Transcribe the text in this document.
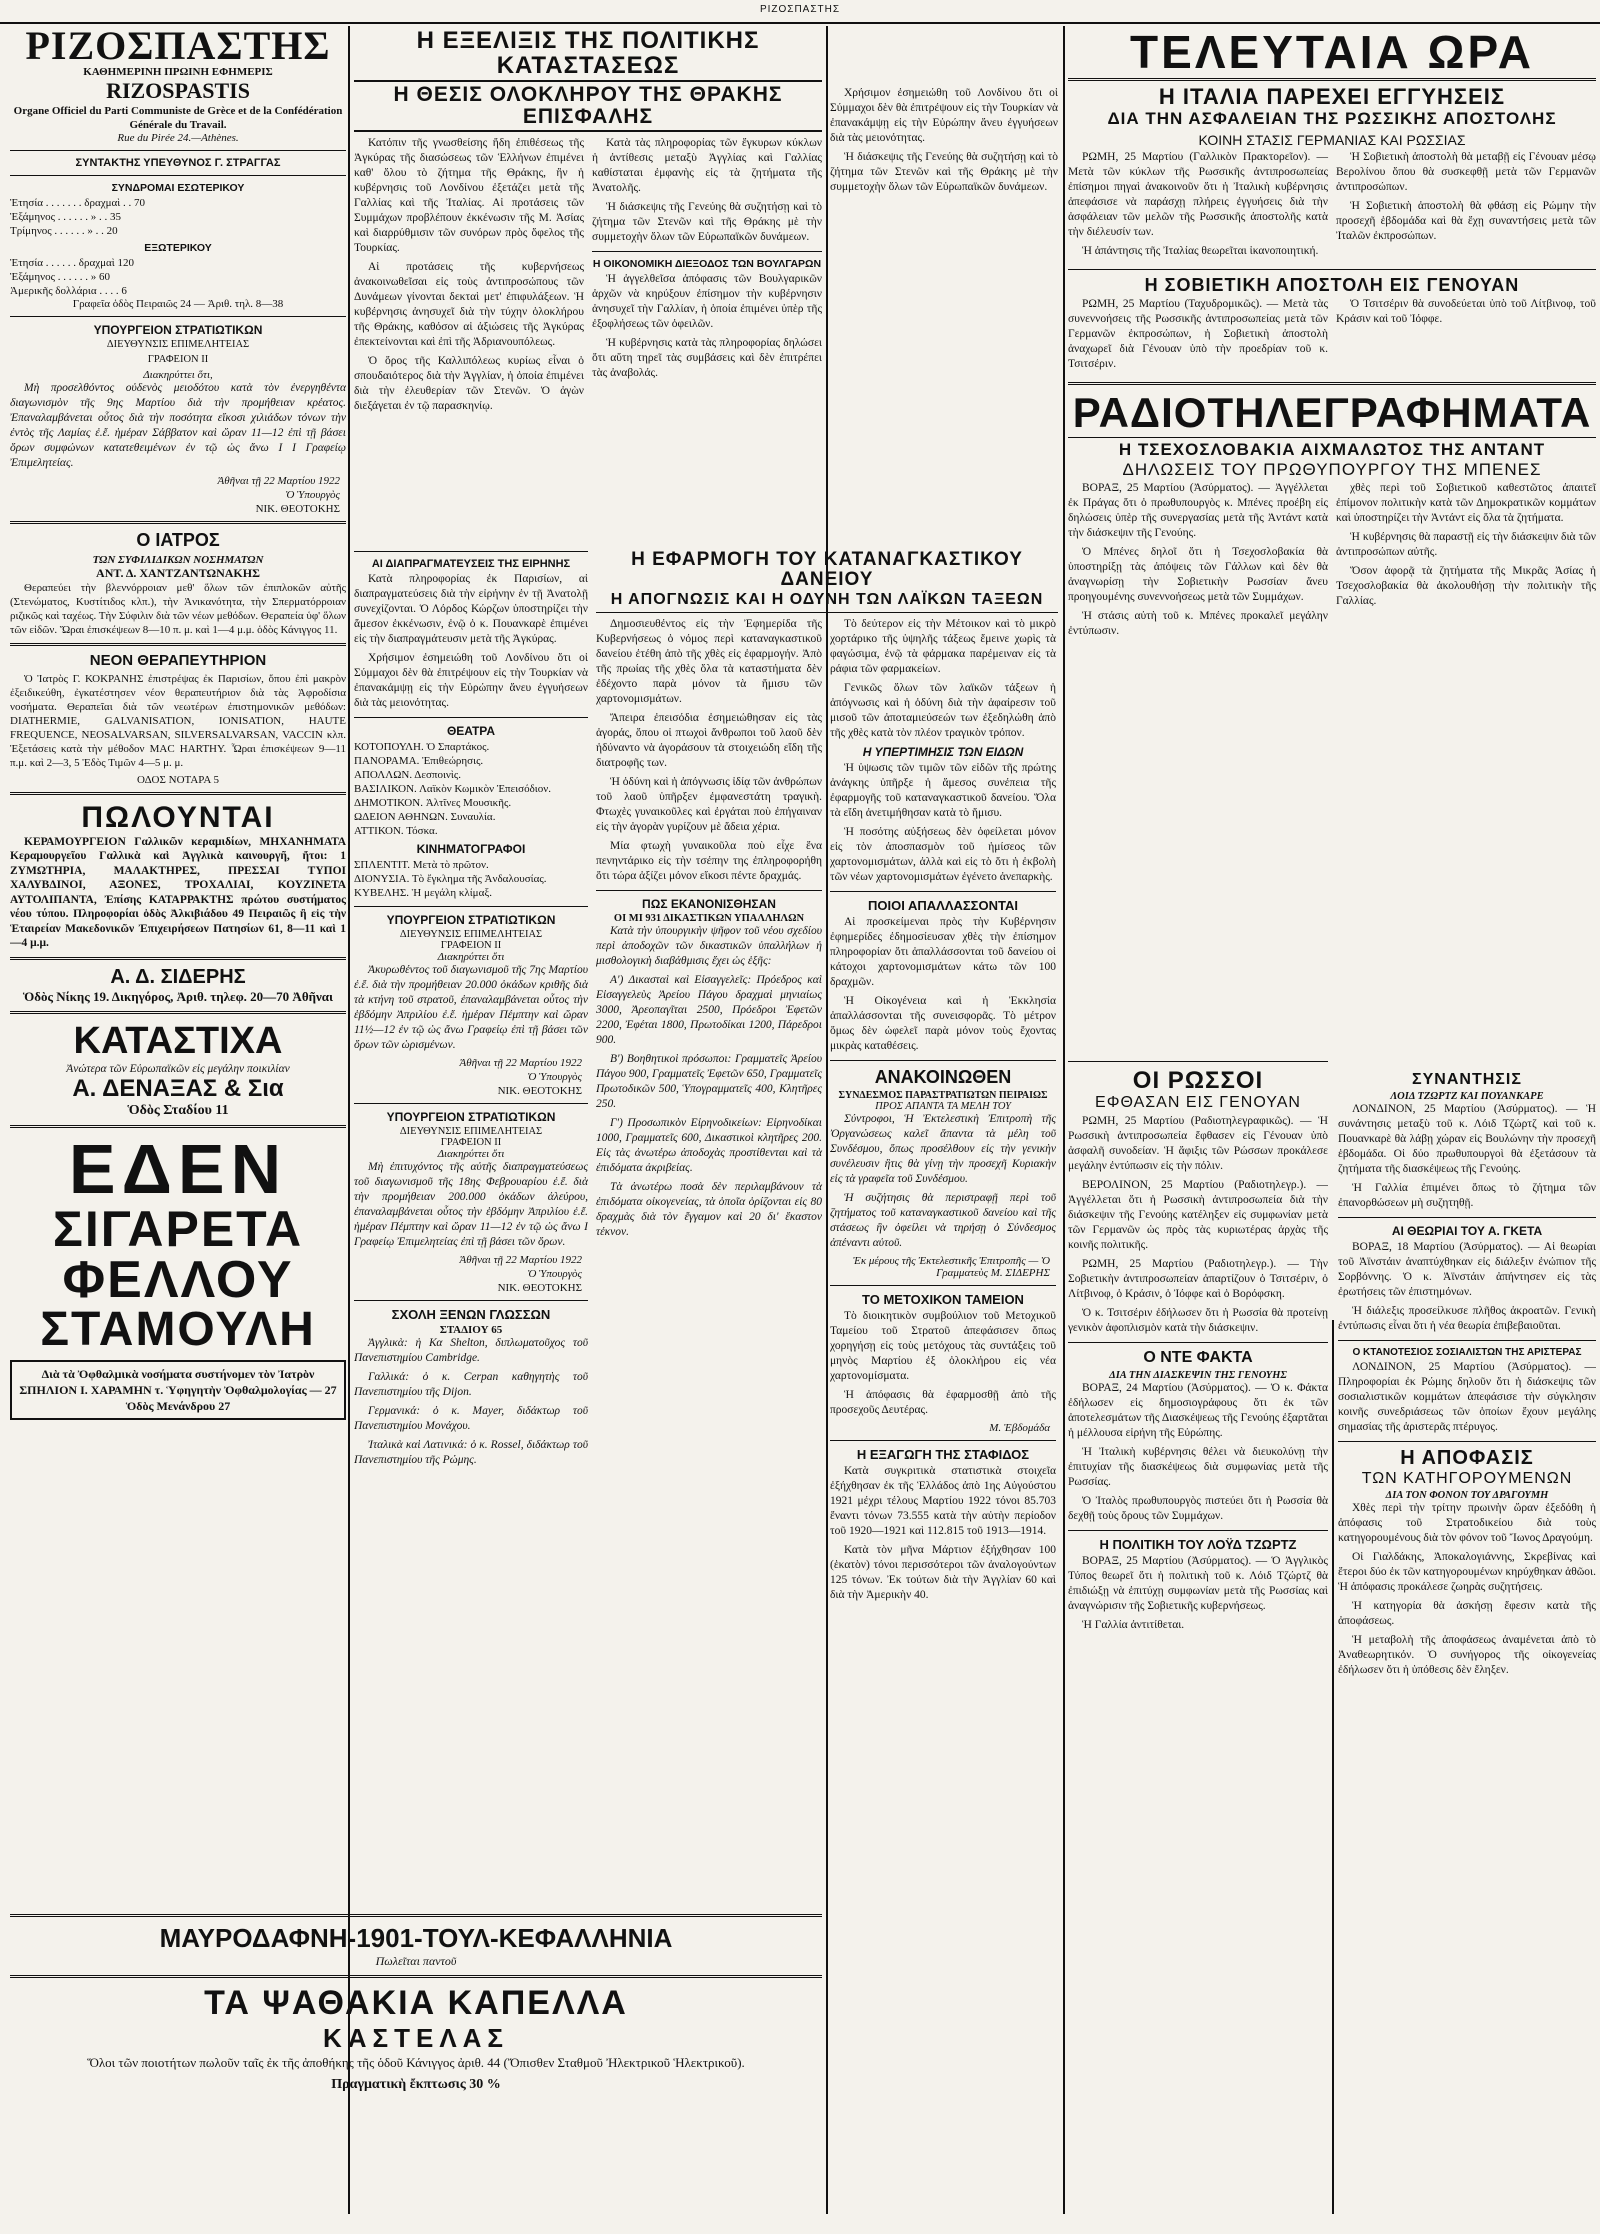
ΡΙΖΟΣΠΑΣΤΗΣ
ΡΙΖΟΣΠΑΣΤΗΣ
ΚΑΘΗΜΕΡΙΝΗ ΠΡΩΙΝΗ ΕΦΗΜΕΡΙΣ
RIZOSPASTIS
Organe Officiel du Parti Communiste de Grèce et de la Confédération Générale du Travail.
Rue du Pirée 24.—Athènes.
ΣΥΝΤΑΚΤΗΣ ΥΠΕΥΘΥΝΟΣ Γ. ΣΤΡΑΓΓΑΣ
ΣΥΝΔΡΟΜΑΙ ΕΣΩΤΕΡΙΚΟΥ
Ἐτησία . . . . . . . δραχμαὶ . . 70
Ἑξάμηνος . . . . . . » . . 35
Τρίμηνος . . . . . . » . . 20
ΕΞΩΤΕΡΙΚΟΥ
Ἐτησία . . . . . . δραχμαὶ 120
Ἑξάμηνος . . . . . . » 60
Ἀμερικῆς δολλάρια . . . . 6
Γραφεῖα ὁδὸς Πειραιῶς 24 — Ἀριθ. τηλ. 8—38
ΥΠΟΥΡΓΕΙΟΝ ΣΤΡΑΤΙΩΤΙΚΩΝ
ΔΙΕΥΘΥΝΣΙΣ ΕΠΙΜΕΛΗΤΕΙΑΣ
ΓΡΑΦΕΙΟΝ ΙΙ
Διακηρύττει ὅτι,

Μὴ προσελθόντος οὐδενὸς μειοδότου κατὰ τὸν ἐνεργηθέντα διαγωνισμὸν τῆς 9ης Μαρτίου διὰ τὴν προμήθειαν κρέατος. Ἐπαναλαμβάνεται οὗτος διὰ τὴν ποσότητα εἴκοσι χιλιάδων τόνων τὴν ἐντὸς τῆς Λαμίας ἐ.ἔ. ἡμέραν Σάββατον καὶ ὥραν 11—12 ἐπὶ τῇ βάσει ὅρων συμφώνων κατατεθειμένων ἐν τῷ ὡς ἄνω Ι Ι Γραφείῳ Ἐπιμελητείας.

Ἀθῆναι τῇ 22 Μαρτίου 1922
Ὁ Ὑπουργὸς
ΝΙΚ. ΘΕΟΤΟΚΗΣ
Ο ΙΑΤΡΟΣ
ΤΩΝ ΣΥΦΙΛΙΔΙΚΩΝ ΝΟΣΗΜΑΤΩΝ
ΑΝΤ. Δ. ΧΑΝΤΖΑΝΤΩΝΑΚΗΣ

Θεραπεύει τὴν βλεννόρροιαν μεθ' ὅλων τῶν ἐπιπλοκῶν αὐτῆς (Στενώματος, Κυστίτιδος κλπ.), τὴν Ἀνικανότητα, τὴν Σπερματόρροιαν ριζικῶς καὶ ταχέως. Τὴν Σύφιλιν διὰ τῶν νέων μεθόδων. Θεραπεία ὑφ' ὅλων τῶν εἰδῶν. Ὥραι ἐπισκέψεων 8—10 π. μ. καὶ 1—4 μ.μ. ὁδὸς Κάνιγγος 11.

ΝΕΟΝ ΘΕΡΑΠΕΥΤΗΡΙΟΝ

Ὁ Ἰατρὸς Γ. ΚΟΚΡΑΝΗΣ ἐπιστρέψας ἐκ Παρισίων, ὅπου ἐπὶ μακρὸν ἐξειδικεύθη, ἐγκατέστησεν νέον θεραπευτήριον διὰ τὰς Ἀφροδίσια νοσήματα. Θεραπεῖαι διὰ τῶν νεωτέρων ἐπιστημονικῶν μεθόδων: DIATHERMIE, GALVANISATION, IONISATION, HAUTE FREQUENCE, NEOSALVARSAN, SILVERSALVARSAN, VACCIN κλπ. Ἐξετάσεις κατὰ τὴν μέθοδον MAC HARTHY. Ὧραι ἐπισκέψεων 9—11 π.μ. καὶ 2—3, 5 Ἐδὸς Τιμῶν 4—5 μ. μ.

ΟΔΟΣ ΝΟΤΑΡΑ 5
ΠΩΛΟΥΝΤΑΙ

ΚΕΡΑΜΟΥΡΓΕΙΟΝ Γαλλικῶν κεραμιδίων, ΜΗΧΑΝΗΜΑΤΑ Κεραμουργεῖου Γαλλικὰ καὶ Ἀγγλικὰ καινουργῆ, ἤτοι: 1 ΖΥΜΩΤΗΡΙΑ, ΜΑΛΑΚΤΗΡΕΣ, ΠΡΕΣΣΑΙ ΤΥΠΟΙ ΧΑΛΥΒΔΙΝΟΙ, ΑΞΟΝΕΣ, ΤΡΟΧΑΛΙΑΙ, ΚΟΥΖΙΝΕΤΑ ΑΥΤΟΛΙΠΑΝΤΑ, Ἐπίσης ΚΑΤΑΡΡΑΚΤΗΣ πρώτου συστήματος νέου τύπου. Πληροφορίαι ὁδὸς Ἀλκιβιάδου 49 Πειραιῶς ἢ εἰς τὴν Ἑταιρείαν Μακεδονικῶν Ἐπιχειρήσεων Πατησίων 61, 8—11 καὶ 1—4 μ.μ.

Α. Δ. ΣΙΔΕΡΗΣ
Ὁδὸς Νίκης 19. Δικηγόρος, Ἀριθ. τηλεφ. 20—70 Ἀθῆναι
ΚΑΤΑΣΤΙΧΑ
Ἀνώτερα τῶν Εὐρωπαϊκῶν εἰς μεγάλην ποικιλίαν
Α. ΔΕΝΑΞΑΣ & Σια
Ὁδὸς Σταδίου 11
ΕΔΕΝ
ΣΙΓΑΡΕΤΑ
ΦΕΛΛΟΥ
ΣΤΑΜΟΥΛΗ
Διὰ τὰ Ὀφθαλμικὰ νοσήματα συστήνομεν τὸν Ἰατρὸν ΣΠΗΛΙΟΝ Ι. ΧΑΡΑΜΗΝ τ. Ὑφηγητὴν Ὀφθαλμολογίας — 27 Ὁδὸς Μενάνδρου 27
ΜΑΥΡΟΔΑΦΝΗ-1901-ΤΟΥΛ-ΚΕΦΑΛΛΗΝΙΑ
Πωλεῖται παντοῦ
ΤΑ ΨΑΘΑΚΙΑ ΚΑΠΕΛΛΑ
ΚΑΣΤΕΛΑΣ
Ὅλοι τῶν ποιοτήτων πωλοῦν ταῖς ἐκ τῆς ἀποθήκης τῆς ὁδοῦ Κάνιγγος ἀριθ. 44 (Ὄπισθεν Σταθμοῦ Ἠλεκτρικοῦ Ἡλεκτρικοῦ).
Πραγματικὴ ἔκπτωσις 30 %
Η ΕΞΕΛΙΞΙΣ ΤΗΣ ΠΟΛΙΤΙΚΗΣ ΚΑΤΑΣΤΑΣΕΩΣ
Η ΘΕΣΙΣ ΟΛΟΚΛΗΡΟΥ ΤΗΣ ΘΡΑΚΗΣ ΕΠΙΣΦΑΛΗΣ

Κατόπιν τῆς γνωσθείσης ἤδη ἐπιθέσεως τῆς Ἀγκύρας τῆς διασώσεως τῶν Ἑλλήνων ἐπιμένει καθ' ὅλου τὸ ζήτημα τῆς Θράκης, ἣν ἡ κυβέρνησις τοῦ Λονδίνου ἐξετάζει μετὰ τῆς Γαλλίας καὶ τῆς Ἰταλίας. Αἱ προτάσεις τῶν Συμμάχων προβλέπουν ἐκκένωσιν τῆς Μ. Ἀσίας καὶ διαρρύθμισιν τῶν συνόρων πρὸς ὄφελος τῆς Τουρκίας.

Αἱ προτάσεις τῆς κυβερνήσεως ἀνακοινωθεῖσαι εἰς τοὺς ἀντιπροσώπους τῶν Δυνάμεων γίνονται δεκταὶ μετ' ἐπιφυλάξεων. Ἡ κυβέρνησις ἀνησυχεῖ διὰ τὴν τύχην ὁλοκλήρου τῆς Θράκης, καθόσον αἱ ἀξιώσεις τῆς Ἀγκύρας ἐπεκτείνονται καὶ ἐπὶ τῆς Ἀδριανουπόλεως.

Ὁ ὅρος τῆς Καλλιπόλεως κυρίως εἶναι ὁ σπουδαιότερος διὰ τὴν Ἀγγλίαν, ἡ ὁποία ἐπιμένει διὰ τὴν ἐλευθερίαν τῶν Στενῶν. Ὁ ἀγὼν διεξάγεται ἐν τῷ παρασκηνίῳ.

Κατὰ τὰς πληροφορίας τῶν ἔγκυρων κύκλων ἡ ἀντίθεσις μεταξὺ Ἀγγλίας καὶ Γαλλίας καθίσταται ἐμφανὴς εἰς τὰ ζητήματα τῆς Ἀνατολῆς.

Ἡ διάσκεψις τῆς Γενεύης θὰ συζητήσῃ καὶ τὸ ζήτημα τῶν Στενῶν καὶ τῆς Θράκης μὲ τὴν συμμετοχὴν ὅλων τῶν Εὐρωπαϊκῶν δυνάμεων.

Η ΟΙΚΟΝΟΜΙΚΗ ΔΙΕΞΟΔΟΣ ΤΩΝ ΒΟΥΛΓΑΡΩΝ

Ἡ ἀγγελθεῖσα ἀπόφασις τῶν Βουλγαρικῶν ἀρχῶν νὰ κηρύξουν ἐπίσημον τὴν κυβέρνησιν ἀνησυχεῖ τὴν Γαλλίαν, ἡ ὁποία ἐπιμένει ὑπὲρ τῆς ἐξοφλήσεως τῶν ὀφειλῶν.

Ἡ κυβέρνησις κατὰ τὰς πληροφορίας δηλώσει ὅτι αὕτη τηρεῖ τὰς συμβάσεις καὶ δὲν ἐπιτρέπει τὰς ἀναβολάς.

Χρήσιμον ἐσημειώθη τοῦ Λονδίνου ὅτι οἱ Σύμμαχοι δὲν θὰ ἐπιτρέψουν εἰς τὴν Τουρκίαν νὰ ἐπανακάμψῃ εἰς τὴν Εὐρώπην ἄνευ ἐγγυήσεων διὰ τὰς μειονότητας.

Ἡ διάσκεψις τῆς Γενεύης θὰ συζητήσῃ καὶ τὸ ζήτημα τῶν Στενῶν καὶ τῆς Θράκης μὲ τὴν συμμετοχὴν ὅλων τῶν Εὐρωπαϊκῶν δυνάμεων.

ΑΙ ΔΙΑΠΡΑΓΜΑΤΕΥΣΕΙΣ ΤΗΣ ΕΙΡΗΝΗΣ

Κατὰ πληροφορίας ἐκ Παρισίων, αἱ διαπραγματεύσεις διὰ τὴν εἰρήνην ἐν τῇ Ἀνατολῇ συνεχίζονται. Ὁ Λόρδος Κώρζων ὑποστηρίζει τὴν ἄμεσον ἐκκένωσιν, ἐνῷ ὁ κ. Πουανκαρὲ ἐπιμένει εἰς τὴν διαπραγμάτευσιν μετὰ τῆς Ἀγκύρας.

Χρήσιμον ἐσημειώθη τοῦ Λονδίνου ὅτι οἱ Σύμμαχοι δὲν θὰ ἐπιτρέψουν εἰς τὴν Τουρκίαν νὰ ἐπανακάμψῃ εἰς τὴν Εὐρώπην ἄνευ ἐγγυήσεων διὰ τὰς μειονότητας.

ΘΕΑΤΡΑ
ΚΟΤΟΠΟΥΛΗ. Ὁ Σπαρτάκος.
ΠΑΝΟΡΑΜΑ. Ἐπιθεώρησις.
ΑΠΟΛΛΩΝ. Δεσποινὶς.
ΒΑΣΙΛΙΚΟΝ. Λαϊκὸν Κωμικὸν Ἐπεισόδιον.
ΔΗΜΟΤΙΚΟΝ. Ἀλτῖνες Μουσικῆς.
ΩΔΕΙΟΝ ΑΘΗΝΩΝ. Συναυλία.
ΑΤΤΙΚΟΝ. Τόσκα.
ΚΙΝΗΜΑΤΟΓΡΑΦΟΙ
ΣΠΛΕΝΤΙΤ. Μετὰ τὸ πρῶτον.
ΔΙΟΝΥΣΙΑ. Τὸ ἔγκλημα τῆς Ἀνδαλουσίας.
ΚΥΒΕΛΗΣ. Ἡ μεγάλη κλίμαξ.
ΥΠΟΥΡΓΕΙΟΝ ΣΤΡΑΤΙΩΤΙΚΩΝ
ΔΙΕΥΘΥΝΣΙΣ ΕΠΙΜΕΛΗΤΕΙΑΣ
ΓΡΑΦΕΙΟΝ ΙΙ
Διακηρύττει ὅτι

Ἀκυρωθέντος τοῦ διαγωνισμοῦ τῆς 7ης Μαρτίου ἐ.ἔ. διὰ τὴν προμήθειαν 20.000 ὀκάδων κριθῆς διὰ τὰ κτήνη τοῦ στρατοῦ, ἐπαναλαμβάνεται οὗτος τὴν ἑβδόμην Ἀπριλίου ἐ.ἔ. ἡμέραν Πέμπτην καὶ ὥραν 11½—12 ἐν τῷ ὡς ἄνω Γραφείῳ ἐπὶ τῇ βάσει τῶν ὅρων τῶν ὡρισμένων.

Ἀθῆναι τῇ 22 Μαρτίου 1922
Ὁ Ὑπουργὸς
ΝΙΚ. ΘΕΟΤΟΚΗΣ
ΥΠΟΥΡΓΕΙΟΝ ΣΤΡΑΤΙΩΤΙΚΩΝ
ΔΙΕΥΘΥΝΣΙΣ ΕΠΙΜΕΛΗΤΕΙΑΣ
ΓΡΑΦΕΙΟΝ ΙΙ
Διακηρύττει ὅτι

Μὴ ἐπιτυχόντος τῆς αὐτῆς διαπραγματεύσεως τοῦ διαγωνισμοῦ τῆς 18ης Φεβρουαρίου ἐ.ἔ. διὰ τὴν προμήθειαν 200.000 ὀκάδων ἀλεύρου, ἐπαναλαμβάνεται οὗτος τὴν ἑβδόμην Ἀπριλίου ἐ.ἔ. ἡμέραν Πέμπτην καὶ ὥραν 11—12 ἐν τῷ ὡς ἄνω Ι Γραφείῳ Ἐπιμελητείας ἐπὶ τῇ βάσει τῶν ὅρων.

Ἀθῆναι τῇ 22 Μαρτίου 1922
Ὁ Ὑπουργὸς
ΝΙΚ. ΘΕΟΤΟΚΗΣ
ΣΧΟΛΗ ΞΕΝΩΝ ΓΛΩΣΣΩΝ
ΣΤΑΔΙΟΥ 65

Ἀγγλικὰ: ἡ Κα Shelton, διπλωματοῦχος τοῦ Πανεπιστημίου Cambridge.

Γαλλικά: ὁ κ. Cerpan καθηγητὴς τοῦ Πανεπιστημίου τῆς Dijon.

Γερμανικά: ὁ κ. Mayer, διδάκτωρ τοῦ Πανεπιστημίου Μονάχου.

Ἰταλικὰ καὶ Λατινικά: ὁ κ. Rossel, διδάκτωρ τοῦ Πανεπιστημίου τῆς Ρώμης.

Η ΕΦΑΡΜΟΓΗ ΤΟΥ ΚΑΤΑΝΑΓΚΑΣΤΙΚΟΥ ΔΑΝΕΙΟΥ
Η ΑΠΟΓΝΩΣΙΣ ΚΑΙ Η ΟΔΥΝΗ ΤΩΝ ΛΑΪΚΩΝ ΤΑΞΕΩΝ

Δημοσιευθέντος εἰς τὴν Ἐφημερίδα τῆς Κυβερνήσεως ὁ νόμος περὶ καταναγκαστικοῦ δανείου ἐτέθη ἀπὸ τῆς χθὲς εἰς ἐφαρμογήν. Ἀπὸ τῆς πρωίας τῆς χθὲς ὅλα τὰ καταστήματα δὲν ἐδέχοντο παρὰ μόνον τὰ ἥμισυ τῶν χαρτονομισμάτων.

Ἄπειρα ἐπεισόδια ἐσημειώθησαν εἰς τὰς ἀγοράς, ὅπου οἱ πτωχοὶ ἄνθρωποι τοῦ λαοῦ δὲν ἠδύναντο νὰ ἀγοράσουν τὰ στοιχειώδη εἴδη τῆς διατροφῆς των.

Ἡ ὀδύνη καὶ ἡ ἀπόγνωσις ἰδίᾳ τῶν ἀνθρώπων τοῦ λαοῦ ὑπῆρξεν ἐμφανεστάτη τραγικὴ. Φτωχὲς γυναικοῦλες καὶ ἐργάται ποὺ ἐπήγαιναν εἰς τὴν ἀγορὰν γυρίζουν μὲ ἄδεια χέρια.

Μία φτωχὴ γυναικοῦλα ποὺ εἶχε ἕνα πενηντάρικο εἰς τὴν τσέπην της ἐπληροφορήθη ὅτι τώρα ἀξίζει μόνον εἴκοσι πέντε δραχμάς.

ΠΩΣ ΕΚΑΝΟΝΙΣΘΗΣΑΝ
ΟΙ ΜΙ 931 ΔΙΚΑΣΤΙΚΩΝ ΥΠΑΛΛΗΛΩΝ

Κατὰ τὴν ὑπουργικὴν ψῆφον τοῦ νέου σχεδίου περὶ ἀποδοχῶν τῶν δικαστικῶν ὑπαλλήλων ἡ μισθολογικὴ διαβάθμισις ἔχει ὡς ἑξῆς:

Α') Δικασταὶ καὶ Εἰσαγγελεῖς: Πρόεδρος καὶ Εἰσαγγελεὺς Ἀρείου Πάγου δραχμαὶ μηνιαίως 3000, Ἀρεοπαγῖται 2500, Πρόεδροι Ἐφετῶν 2200, Ἐφέται 1800, Πρωτοδίκαι 1200, Πάρεδροι 900.

Β') Βοηθητικοὶ πρόσωποι: Γραμματεῖς Ἀρείου Πάγου 900, Γραμματεῖς Ἐφετῶν 650, Γραμματεῖς Πρωτοδικῶν 500, Ὑπογραμματεῖς 400, Κλητῆρες 250.

Γ') Προσωπικὸν Εἰρηνοδικείων: Εἰρηνοδίκαι 1000, Γραμματεῖς 600, Δικαστικοὶ κλητῆρες 200. Εἰς τὰς ἀνωτέρω ἀποδοχὰς προστίθενται καὶ τὰ ἐπιδόματα ἀκριβείας.

Τὰ ἀνωτέρω ποσὰ δὲν περιλαμβάνουν τὰ ἐπιδόματα οἰκογενείας, τὰ ὁποῖα ὁρίζονται εἰς 80 δραχμὰς διὰ τὸν ἔγγαμον καὶ 20 δι' ἕκαστον τέκνον.

Τὸ δεύτερον εἰς τὴν Μέτοικον καὶ τὸ μικρὸ χορτάρικο τῆς ὑψηλῆς τάξεως ἔμεινε χωρὶς τὰ φαγώσιμα, ἐνῷ τὰ φάρμακα παρέμειναν εἰς τὰ ράφια τῶν φαρμακείων.

Γενικῶς ὅλων τῶν λαϊκῶν τάξεων ἡ ἀπόγνωσις καὶ ἡ ὀδύνη διὰ τὴν ἀφαίρεσιν τοῦ μισοῦ τῶν ἀποταμιεύσεών των ἐξεδηλώθη ἀπὸ τῆς χθὲς κατὰ τὸν πλέον τραγικὸν τρόπον.

Η ΥΠΕΡΤΙΜΗΣΙΣ ΤΩΝ ΕΙΔΩΝ

Ἡ ὑψωσις τῶν τιμῶν τῶν εἰδῶν τῆς πρώτης ἀνάγκης ὑπῆρξε ἡ ἄμεσος συνέπεια τῆς ἐφαρμογῆς τοῦ καταναγκαστικοῦ δανείου. Ὅλα τὰ εἴδη ἀνετιμήθησαν κατὰ τὸ ἥμισυ.

Ἡ ποσότης αὐξήσεως δὲν ὀφείλεται μόνον εἰς τὸν ἀποσπασμὸν τοῦ ἡμίσεος τῶν χαρτονομισμάτων, ἀλλὰ καὶ εἰς τὸ ὅτι ἡ ἐκβολὴ τῶν νέων χαρτονομισμάτων ἐγένετο ἀνεπαρκὴς.

ΠΟΙΟΙ ΑΠΑΛΛΑΣΣΟΝΤΑΙ

Αἱ προσκείμεναι πρὸς τὴν Κυβέρνησιν ἐφημερίδες ἐδημοσίευσαν χθὲς τὴν ἐπίσημον πληροφορίαν ὅτι ἀπαλλάσσονται τοῦ δανείου οἱ κάτοχοι χαρτονομισμάτων κάτω τῶν 100 δραχμῶν.

Ἡ Οἰκογένεια καὶ ἡ Ἐκκλησία ἀπαλλάσσονται τῆς συνεισφορᾶς. Τὸ μέτρον ὅμως δὲν ὠφελεῖ παρὰ μόνον τοὺς ἔχοντας μικρὰς καταθέσεις.

ΑΝΑΚΟΙΝΩΘΕΝ
ΣΥΝΔΕΣΜΟΣ ΠΑΡΑΣΤΡΑΤΙΩΤΩΝ ΠΕΙΡΑΙΩΣ
ΠΡΟΣ ΑΠΑΝΤΑ ΤΑ ΜΕΛΗ ΤΟΥ

Σύντροφοι, Ἡ Ἐκτελεστικὴ Ἐπιτροπὴ τῆς Ὀργανώσεως καλεῖ ἅπαντα τὰ μέλη τοῦ Συνδέσμου, ὅπως προσέλθουν εἰς τὴν γενικὴν συνέλευσιν ἣτις θὰ γίνῃ τὴν προσεχῆ Κυριακὴν εἰς τὰ γραφεῖα τοῦ Συνδέσμου.

Ἡ συζήτησις θὰ περιστραφῇ περὶ τοῦ ζητήματος τοῦ καταναγκαστικοῦ δανείου καὶ τῆς στάσεως ἣν ὀφείλει νὰ τηρήσῃ ὁ Σύνδεσμος ἀπέναντι αὐτοῦ.

Ἐκ μέρους τῆς Ἐκτελεστικῆς Ἐπιτροπῆς — Ὁ Γραμματεὺς Μ. ΣΙΔΕΡΗΣ
ΤΟ ΜΕΤΟΧΙΚΟΝ ΤΑΜΕΙΟΝ

Τὸ διοικητικὸν συμβούλιον τοῦ Μετοχικοῦ Ταμείου τοῦ Στρατοῦ ἀπεφάσισεν ὅπως χορηγήσῃ εἰς τοὺς μετόχους τὰς συντάξεις τοῦ μηνὸς Μαρτίου ἐξ ὁλοκλήρου εἰς νέα χαρτονομίσματα.

Ἡ ἀπόφασις θὰ ἐφαρμοσθῇ ἀπὸ τῆς προσεχοῦς Δευτέρας.

Μ. Ἐβδομάδα
Η ΕΞΑΓΩΓΗ ΤΗΣ ΣΤΑΦΙΔΟΣ

Κατὰ συγκριτικὰ στατιστικὰ στοιχεῖα ἐξήχθησαν ἐκ τῆς Ἑλλάδος ἀπὸ 1ης Αὐγούστου 1921 μέχρι τέλους Μαρτίου 1922 τόνοι 85.703 ἔναντι τόνων 73.555 κατὰ τὴν αὐτὴν περίοδον τοῦ 1920—1921 καὶ 112.815 τοῦ 1913—1914.

Κατὰ τὸν μῆνα Μάρτιον ἐξήχθησαν 100 (ἑκατὸν) τόνοι περισσότεροι τῶν ἀναλογούντων 125 τόνων. Ἐκ τούτων διὰ τὴν Ἀγγλίαν 60 καὶ διὰ τὴν Ἀμερικὴν 40.

ΤΕΛΕΥΤΑΙΑ ΩΡΑ
Η ΙΤΑΛΙΑ ΠΑΡΕΧΕΙ ΕΓΓΥΗΣΕΙΣ
ΔΙΑ ΤΗΝ ΑΣΦΑΛΕΙΑΝ ΤΗΣ ΡΩΣΣΙΚΗΣ ΑΠΟΣΤΟΛΗΣ
ΚΟΙΝΗ ΣΤΑΣΙΣ ΓΕΡΜΑΝΙΑΣ ΚΑΙ ΡΩΣΣΙΑΣ

ΡΩΜΗ, 25 Μαρτίου (Γαλλικὸν Πρακτορεῖον). — Μετὰ τῶν κύκλων τῆς Ρωσσικῆς ἀντιπροσωπείας ἐπίσημοι πηγαὶ ἀνακοινοῦν ὅτι ἡ Ἰταλικὴ κυβέρνησις ἀπεφάσισε νὰ παράσχῃ πλήρεις ἐγγυήσεις διὰ τὴν ἀσφάλειαν τῶν μελῶν τῆς Ρωσσικῆς ἀποστολῆς κατὰ τὴν διέλευσίν των.

Ἡ ἀπάντησις τῆς Ἰταλίας θεωρεῖται ἱκανοποιητική.

Ἡ Σοβιετικὴ ἀποστολὴ θὰ μεταβῇ εἰς Γένουαν μέσῳ Βερολίνου ὅπου θὰ συσκεφθῇ μετὰ τῶν Γερμανῶν ἀντιπροσώπων.

Ἡ Σοβιετικὴ ἀποστολὴ θὰ φθάσῃ εἰς Ρώμην τὴν προσεχῆ ἑβδομάδα καὶ θὰ ἔχῃ συναντήσεις μετὰ τῶν Ἰταλῶν ἐκπροσώπων.

Η ΣΟΒΙΕΤΙΚΗ ΑΠΟΣΤΟΛΗ ΕΙΣ ΓΕΝΟΥΑΝ

ΡΩΜΗ, 25 Μαρτίου (Ταχυδρομικῶς). — Μετὰ τὰς συνεννοήσεις τῆς Ρωσσικῆς ἀντιπροσωπείας μετὰ τῶν Γερμανῶν ἐκπροσώπων, ἡ Σοβιετικὴ ἀποστολὴ ἀναχωρεῖ διὰ Γένουαν ὑπὸ τὴν προεδρίαν τοῦ κ. Τσιτσέριν.

Ὁ Τσιτσέριν θὰ συνοδεύεται ὑπὸ τοῦ Λίτβινοφ, τοῦ Κράσιν καὶ τοῦ Ἰόφφε.

ΡΑΔΙΟΤΗΛΕΓΡΑΦΗΜΑΤΑ
Η ΤΣΕΧΟΣΛΟΒΑΚΙΑ ΑΙΧΜΑΛΩΤΟΣ ΤΗΣ ΑΝΤΑΝΤ
ΔΗΛΩΣΕΙΣ ΤΟΥ ΠΡΩΘΥΠΟΥΡΓΟΥ ΤΗΣ ΜΠΕΝΕΣ

ΒΟΡΑΞ, 25 Μαρτίου (Ἀσύρματος). — Ἀγγέλλεται ἐκ Πράγας ὅτι ὁ πρωθυπουργὸς κ. Μπένες προέβη εἰς δηλώσεις ὑπὲρ τῆς συνεργασίας μετὰ τῆς Ἀντάντ κατὰ τὴν διάσκεψιν τῆς Γενούης.

Ὁ Μπένες δηλοῖ ὅτι ἡ Τσεχοσλοβακία θὰ ὑποστηρίξῃ τὰς ἀπόψεις τῶν Γάλλων καὶ δὲν θὰ ἀναγνωρίσῃ τὴν Σοβιετικὴν Ρωσσίαν ἄνευ προηγουμένης συνεννοήσεως μετὰ τῶν Συμμάχων.

Ἡ στάσις αὐτὴ τοῦ κ. Μπένες προκαλεῖ μεγάλην ἐντύπωσιν.

χθὲς περὶ τοῦ Σοβιετικοῦ καθεστῶτος ἀπαιτεῖ ἐπίμονον πολιτικὴν κατὰ τῶν Δημοκρατικῶν κομμάτων καὶ ὑποστηρίζει τὴν Ἀντάντ εἰς ὅλα τὰ ζητήματα.

Ἡ κυβέρνησις θὰ παραστῇ εἰς τὴν διάσκεψιν διὰ τῶν ἀντιπροσώπων αὐτῆς.

Ὅσον ἀφορᾷ τὰ ζητήματα τῆς Μικρᾶς Ἀσίας ἡ Τσεχοσλοβακία θὰ ἀκολουθήσῃ τὴν πολιτικὴν τῆς Γαλλίας.

ΟΙ ΡΩΣΣΟΙ
ΕΦΘΑΣΑΝ ΕΙΣ ΓΕΝΟΥΑΝ

ΡΩΜΗ, 25 Μαρτίου (Ραδιοτηλεγραφικῶς). — Ἡ Ρωσσικὴ ἀντιπροσωπεία ἔφθασεν εἰς Γένουαν ὑπὸ ἀσφαλῆ συνοδείαν. Ἡ ἄφιξις τῶν Ρώσσων προκάλεσε μεγάλην ἐντύπωσιν εἰς τὴν πόλιν.

ΒΕΡΟΛΙΝΟΝ, 25 Μαρτίου (Ραδιοτηλεγρ.). — Ἀγγέλλεται ὅτι ἡ Ρωσσικὴ ἀντιπροσωπεία διὰ τὴν διάσκεψιν τῆς Γενούης κατέληξεν εἰς συμφωνίαν μετὰ τῶν Γερμανῶν ὡς πρὸς τὰς κυριωτέρας ἀρχὰς τῆς κοινῆς πολιτικῆς.

ΡΩΜΗ, 25 Μαρτίου (Ραδιοτηλεγρ.). — Τὴν Σοβιετικὴν ἀντιπροσωπείαν ἀπαρτίζουν ὁ Τσιτσέριν, ὁ Λίτβινοφ, ὁ Κράσιν, ὁ Ἰόφφε καὶ ὁ Βορόφσκη.

Ὁ κ. Τσιτσέριν ἐδήλωσεν ὅτι ἡ Ρωσσία θὰ προτείνῃ γενικὸν ἀφοπλισμὸν κατὰ τὴν διάσκεψιν.

Ο ΝΤΕ ΦΑΚΤΑ
ΔΙΑ ΤΗΝ ΔΙΑΣΚΕΨΙΝ ΤΗΣ ΓΕΝΟΥΗΣ

ΒΟΡΑΞ, 24 Μαρτίου (Ἀσύρματος). — Ὁ κ. Φάκτα ἐδήλωσεν εἰς δημοσιογράφους ὅτι ἐκ τῶν ἀποτελεσμάτων τῆς Διασκέψεως τῆς Γενούης ἐξαρτᾶται ἡ μέλλουσα εἰρήνη τῆς Εὐρώπης.

Ἡ Ἰταλικὴ κυβέρνησις θέλει νὰ διευκολύνῃ τὴν ἐπιτυχίαν τῆς διασκέψεως διὰ συμφωνίας μετὰ τῆς Ρωσσίας.

Ὁ Ἰταλὸς πρωθυπουργὸς πιστεύει ὅτι ἡ Ρωσσία θὰ δεχθῇ τοὺς ὅρους τῶν Συμμάχων.

Η ΠΟΛΙΤΙΚΗ ΤΟΥ ΛΟΫΔ ΤΖΩΡΤΖ

ΒΟΡΑΞ, 25 Μαρτίου (Ἀσύρματος). — Ὁ Ἀγγλικὸς Τύπος θεωρεῖ ὅτι ἡ πολιτικὴ τοῦ κ. Λόιδ Τζώρτζ θὰ ἐπιδιώξῃ νὰ ἐπιτύχῃ συμφωνίαν μετὰ τῆς Ρωσσίας καὶ ἀναγνώρισιν τῆς Σοβιετικῆς κυβερνήσεως.

Ἡ Γαλλία ἀντιτίθεται.

ΣΥΝΑΝΤΗΣΙΣ
ΛΟΙΔ ΤΖΩΡΤΖ ΚΑΙ ΠΟΥΑΝΚΑΡΕ

ΛΟΝΔΙΝΟΝ, 25 Μαρτίου (Ἀσύρματος). — Ἡ συνάντησις μεταξὺ τοῦ κ. Λόιδ Τζώρτζ καὶ τοῦ κ. Πουανκαρὲ θὰ λάβῃ χώραν εἰς Βουλώνην τὴν προσεχῆ ἑβδομάδα. Οἱ δύο πρωθυπουργοὶ θὰ ἐξετάσουν τὰ ζητήματα τῆς διασκέψεως τῆς Γενούης.

Ἡ Γαλλία ἐπιμένει ὅπως τὸ ζήτημα τῶν ἐπανορθώσεων μὴ συζητηθῇ.

ΑΙ ΘΕΩΡΙΑΙ ΤΟΥ Α. ΓΚΕΤΑ

ΒΟΡΑΞ, 18 Μαρτίου (Ἀσύρματος). — Αἱ θεωρίαι τοῦ Ἀϊνστάιν ἀναπτύχθηκαν εἰς διάλεξιν ἐνώπιον τῆς Σορβόννης. Ὁ κ. Ἀϊνστάιν ἀπήντησεν εἰς τὰς ἐρωτήσεις τῶν ἐπιστημόνων.

Ἡ διάλεξις προσείλκυσε πλῆθος ἀκροατῶν. Γενικὴ ἐντύπωσις εἶναι ὅτι ἡ νέα θεωρία ἐπιβεβαιοῦται.

Ο ΚΤΑΝΟΤΕΣΙΟΣ ΣΟΣΙΑΛΙΣΤΩΝ ΤΗΣ ΑΡΙΣΤΕΡΑΣ

ΛΟΝΔΙΝΟΝ, 25 Μαρτίου (Ἀσύρματος). — Πληροφορίαι ἐκ Ρώμης δηλοῦν ὅτι ἡ διάσκεψις τῶν σοσιαλιστικῶν κομμάτων ἀπεφάσισε τὴν σύγκλησιν κοινῆς συνεδριάσεως τῶν ὁποίων ἔχουν μεγάλης σημασίας τῆς ἀριστερᾶς πτέρυγος.

Η ΑΠΟΦΑΣΙΣ
ΤΩΝ ΚΑΤΗΓΟΡΟΥΜΕΝΩΝ
ΔΙΑ ΤΟΝ ΦΟΝΟΝ ΤΟΥ ΔΡΑΓΟΥΜΗ

Χθὲς περὶ τὴν τρίτην πρωινὴν ὥραν ἐξεδόθη ἡ ἀπόφασις τοῦ Στρατοδικείου διὰ τοὺς κατηγορουμένους διὰ τὸν φόνον τοῦ Ἴωνος Δραγούμη.

Οἱ Γιαλδάκης, Ἀποκαλογιάννης, Σκρεβίνας καὶ ἕτεροι δύο ἐκ τῶν κατηγορουμένων κηρύχθηκαν ἀθῶοι. Ἡ ἀπόφασις προκάλεσε ζωηρὰς συζητήσεις.

Ἡ κατηγορία θὰ ἀσκήσῃ ἔφεσιν κατὰ τῆς ἀποφάσεως.

Ἡ μεταβολὴ τῆς ἀποφάσεως ἀναμένεται ἀπὸ τὸ Ἀναθεωρητικόν. Ὁ συνήγορος τῆς οἰκογενείας ἐδήλωσεν ὅτι ἡ ὑπόθεσις δὲν ἔληξεν.
